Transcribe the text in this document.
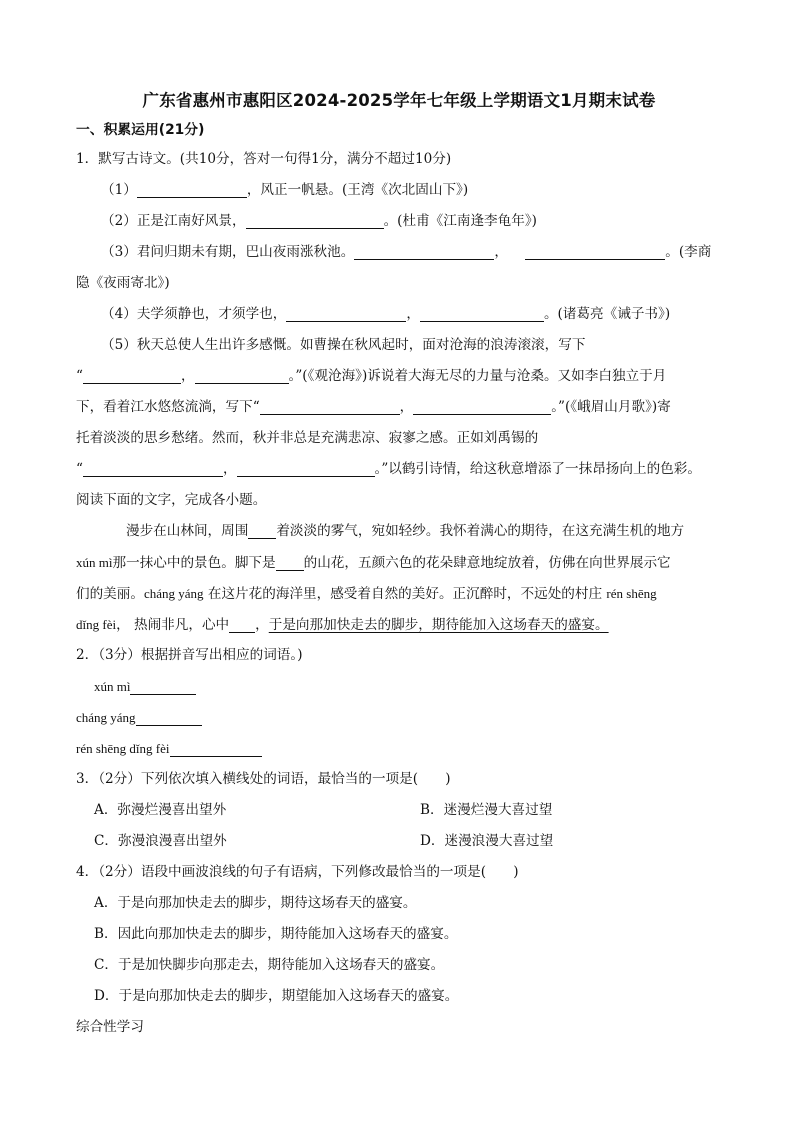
广东省惠州市惠阳区2024-2025学年七年级上学期语文1月期末试卷
一、积累运用(21分)
1．默写古诗文。(共10分，答对一句得1分，满分不超过10分)
（1）	，风正一帆悬。(王湾《次北固山下》)
（2）正是江南好风景，	。(杜甫《江南逢李龟年》)
（3）君问归期未有期，巴山夜雨涨秋池。	，	。(李商
隐《夜雨寄北》)
（4）夫学须静也，才须学也，	，	。(诸葛亮《诫子书》)
（5）秋天总使人生出许多感慨。如曹操在秋风起时，面对沧海的浪涛滚滚，写下
“	，	。”(《观沧海》)诉说着大海无尽的力量与沧桑。又如李白独立于月
下，看着江水悠悠流淌，写下“	，	。”(《峨眉山月歌》)寄
托着淡淡的思乡愁绪。然而，秋并非总是充满悲凉、寂寥之感。正如刘禹锡的
“	，	。”以鹤引诗情，给这秋意增添了一抹昂扬向上的色彩。
阅读下面的文字，完成各小题。
漫步在山林间，周围 着淡淡的雾气，宛如轻纱。我怀着满心的期待，在这充满生机的地方
xún mì那一抹心中的景色。脚下是 的山花，五颜六色的花朵肆意地绽放着，仿佛在向世界展示它
们的美丽。cháng yáng 在这片花的海洋里，感受着自然的美好。正沉醉时，不远处的村庄 rén shēng
dǐng fèi， 热闹非凡，心中 ，于是向那加快走去的脚步，期待能加入这场春天的盛宴。
2．（3分）根据拼音写出相应的词语。)
xún mì
cháng yáng
rén shēng dǐng fèi
3．（2分）下列依次填入横线处的词语，最恰当的一项是(　　)
A．弥漫烂漫喜出望外	B．迷漫烂漫大喜过望
C．弥漫浪漫喜出望外	D．迷漫浪漫大喜过望
4．（2分）语段中画波浪线的句子有语病，下列修改最恰当的一项是(　　)
A．于是向那加快走去的脚步，期待这场春天的盛宴。
B．因此向那加快走去的脚步，期待能加入这场春天的盛宴。
C．于是加快脚步向那走去，期待能加入这场春天的盛宴。
D．于是向那加快走去的脚步，期望能加入这场春天的盛宴。
综合性学习
